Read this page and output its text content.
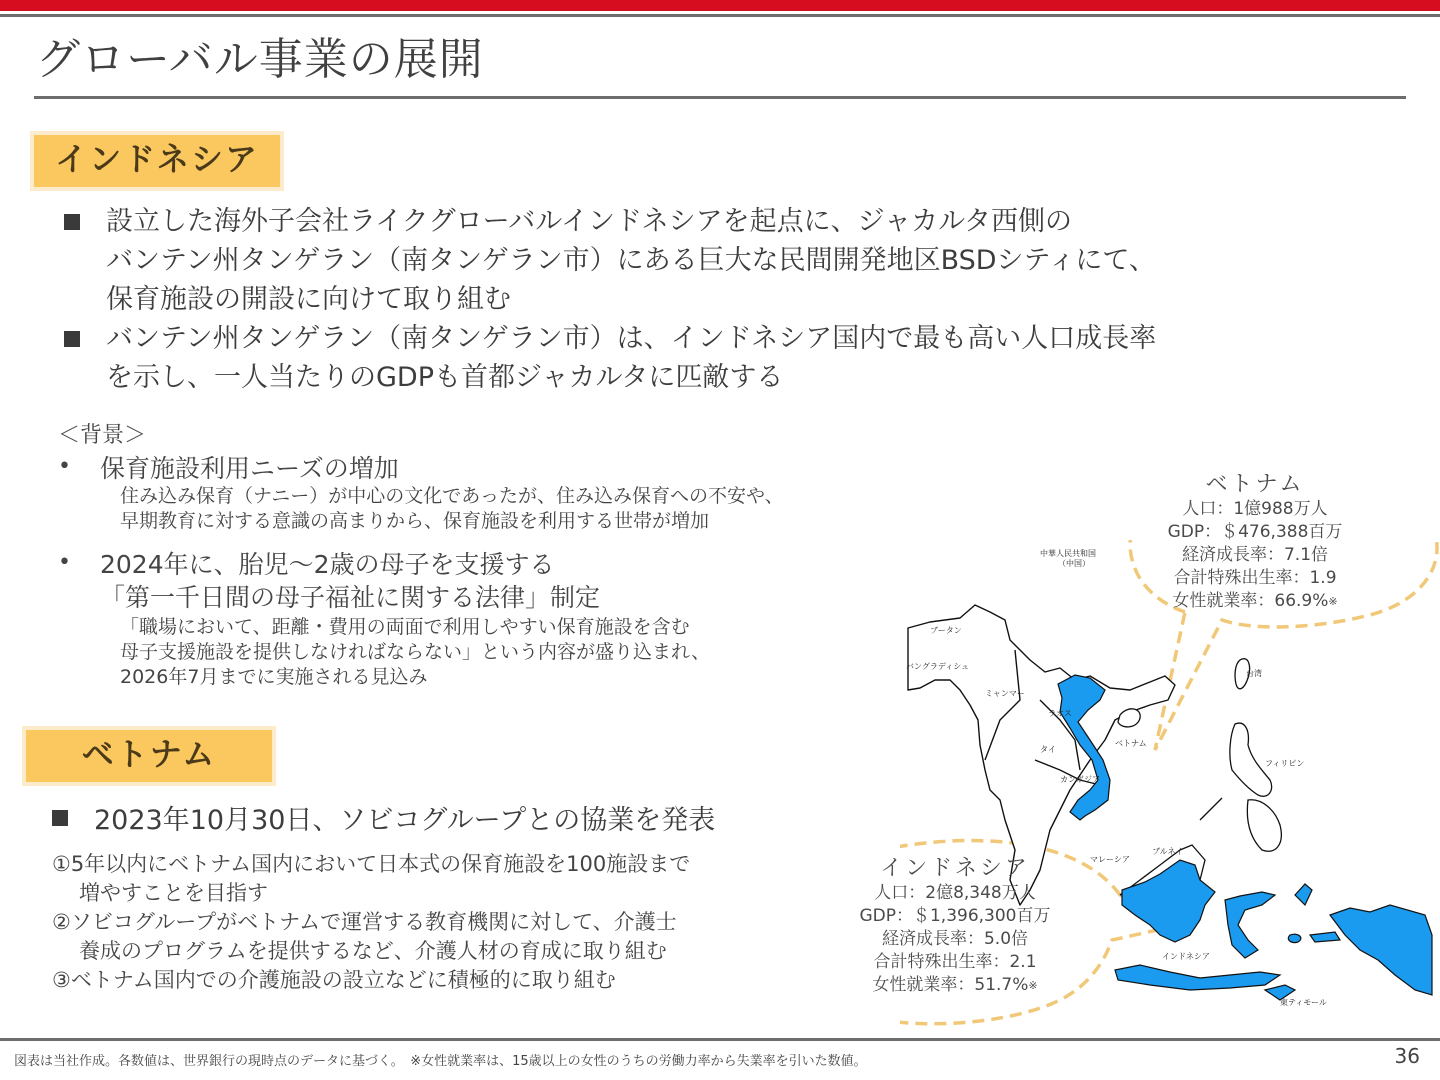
グローバル事業の展開
インドネシア
設立した海外子会社ライクグローバルインドネシアを起点に、ジャカルタ西側の
バンテン州タンゲラン（南タンゲラン市）にある巨大な民間開発地区BSDシティにて、
保育施設の開設に向けて取り組む
バンテン州タンゲラン（南タンゲラン市）は、インドネシア国内で最も高い人口成長率
を示し、一人当たりのGDPも首都ジャカルタに匹敵する
＜背景＞
• 保育施設利用ニーズの増加
住み込み保育（ナニー）が中心の文化であったが、住み込み保育への不安や、
早期教育に対する意識の高まりから、保育施設を利用する世帯が増加
• 2024年に、胎児～2歳の母子を支援する
「第一千日間の母子福祉に関する法律」制定
「職場において、距離・費用の両面で利用しやすい保育施設を含む
母子支援施設を提供しなければならない」という内容が盛り込まれ、
2026年7月までに実施される見込み
ベトナム
2023年10月30日、ソビコグループとの協業を発表
①5年以内にベトナム国内において日本式の保育施設を100施設まで
増やすことを目指す
②ソビコグループがベトナムで運営する教育機関に対して、介護士
養成のプログラムを提供するなど、介護人材の育成に取り組む
③ベトナム国内での介護施設の設立などに積極的に取り組む
中華人民共和国
（中国）
ブータン
バングラディシュ
ミャンマー
ラオス
タイ
カンボジア
ベトナム
台湾
フィリピン
マレーシア
ブルネイ
インドネシア
東ティモール
ベトナム
人口：1億988万人
GDP：＄476,388百万
経済成長率：7.1倍
合計特殊出生率：1.9
女性就業率：66.9%※
インドネシア
人口：2億8,348万人
GDP：＄1,396,300百万
経済成長率：5.0倍
合計特殊出生率：2.1
女性就業率：51.7%※
図表は当社作成。各数値は、世界銀行の現時点のデータに基づく。　※女性就業率は、15歳以上の女性のうちの労働力率から失業率を引いた数値。	36
